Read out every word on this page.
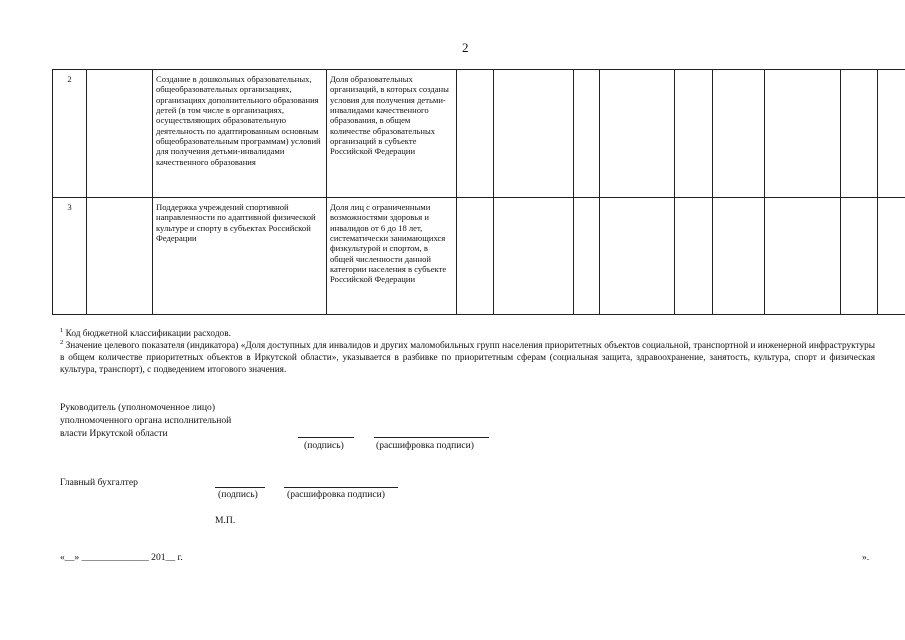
2
2		Создание в дошкольных образовательных, общеобразовательных организациях, организациях дополнительного образования детей (в том числе в организациях, осуществляющих образовательную деятельность по адаптированным основным общеобразовательным программам) условий для получения детьми-инвалидами качественного образования	Доля образовательных организаций, в которых созданы условия для получения детьми-инвалидами качественного образования, в общем количестве образовательных организаций в субъекте Российской Федерации									
3		Поддержка учреждений спортивной направленности по адаптивной физической культуре и спорту в субъектах Российской Федерации	Доля лиц с ограниченными возможностями здоровья и инвалидов от 6 до 18 лет, систематически занимающихся физкультурой и спортом, в общей численности данной категории населения в субъекте Российской Федерации									
$^1$ Код бюджетной классификации расходов.
$^2$ Значение целевого показателя (индикатора) «Доля доступных для инвалидов и других маломобильных групп населения приоритетных объектов социальной, транспортной и инженерной инфраструктуры в общем количестве приоритетных объектов в Иркутской области», указывается в разбивке по приоритетным сферам (социальная защита, здравоохранение, занятость, культура, спорт и физическая культура, транспорт), с подведением итогового значения.
Руководитель (уполномоченное лицо)
уполномоченного органа исполнительной
власти Иркутской области
(подпись)	(расшифровка подписи)
Главный бухгалтер
(подпись)	(расшифровка подписи)
М.П.
«__» ______________ 201__ г.	».
